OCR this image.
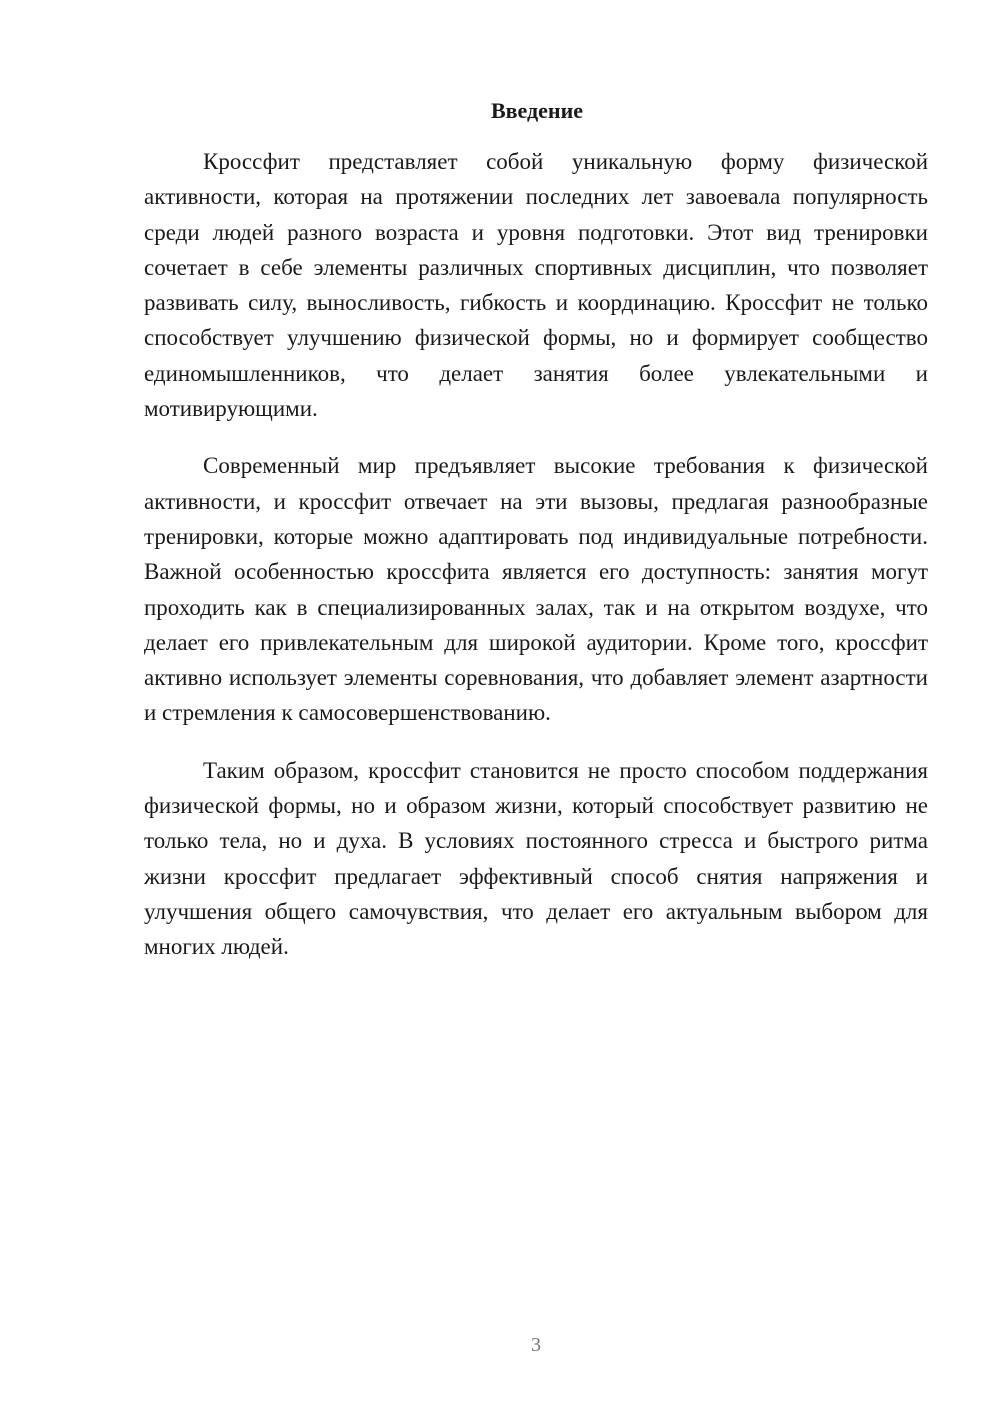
Введение

Кроссфит представляет собой уникальную форму физической активности, которая на протяжении последних лет завоевала популярность среди людей разного возраста и уровня подготовки. Этот вид тренировки сочетает в себе элементы различных спортивных дисциплин, что позволяет развивать силу, выносливость, гибкость и координацию. Кроссфит не только способствует улучшению физической формы, но и формирует сообщество единомышленников, что делает занятия более увлекательными и мотивирующими.

Современный мир предъявляет высокие требования к физической активности, и кроссфит отвечает на эти вызовы, предлагая разнообразные тренировки, которые можно адаптировать под индивидуальные потребности. Важной особенностью кроссфита является его доступность: занятия могут проходить как в специализированных залах, так и на открытом воздухе, что делает его привлекательным для широкой аудитории. Кроме того, кроссфит активно использует элементы соревнования, что добавляет элемент азартности и стремления к самосовершенствованию.

Таким образом, кроссфит становится не просто способом поддержания физической формы, но и образом жизни, который способствует развитию не только тела, но и духа. В условиях постоянного стресса и быстрого ритма жизни кроссфит предлагает эффективный способ снятия напряжения и улучшения общего самочувствия, что делает его актуальным выбором для многих людей.

3
